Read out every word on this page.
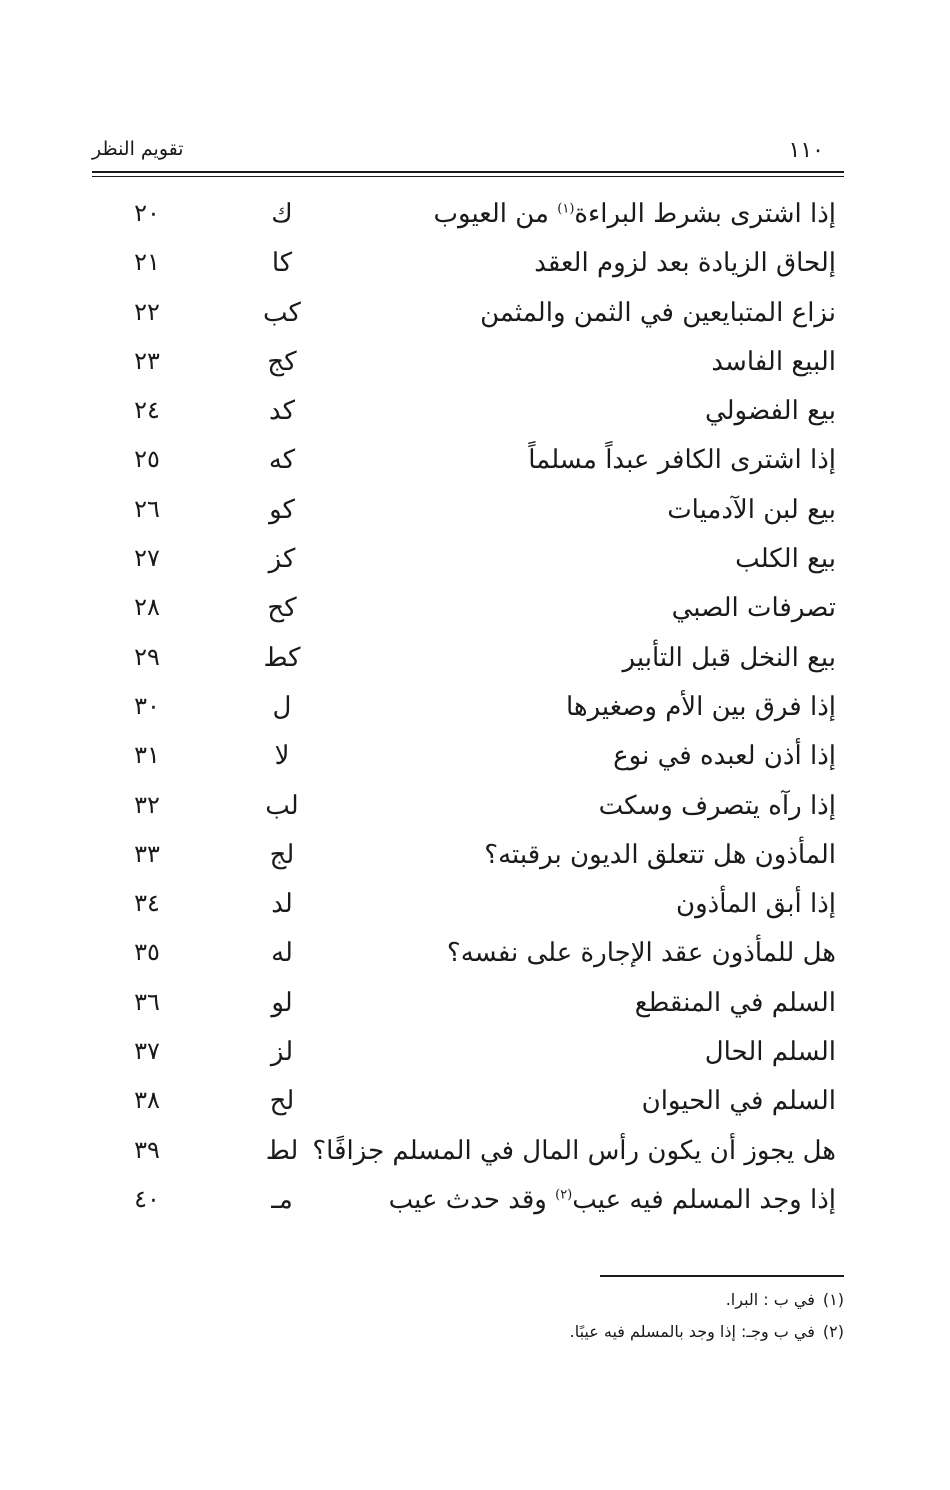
تقويم النظر	١١٠
إذا اشترى بشرط البراءة$^{(١)}$ من العيوب
ك
٢٠
إلحاق الزيادة بعد لزوم العقد
كا
٢١
نزاع المتبايعين في الثمن والمثمن
كب
٢٢
البيع الفاسد
كج
٢٣
بيع الفضولي
كد
٢٤
إذا اشترى الكافر عبداً مسلماً
كه
٢٥
بيع لبن الآدميات
كو
٢٦
بيع الكلب
كز
٢٧
تصرفات الصبي
كح
٢٨
بيع النخل قبل التأبير
كط
٢٩
إذا فرق بين الأم وصغيرها
ل
٣٠
إذا أذن لعبده في نوع
لا
٣١
إذا رآه يتصرف وسكت
لب
٣٢
المأذون هل تتعلق الديون برقبته؟
لج
٣٣
إذا أبق المأذون
لد
٣٤
هل للمأذون عقد الإجارة على نفسه؟
له
٣٥
السلم في المنقطع
لو
٣٦
السلم الحال
لز
٣٧
السلم في الحيوان
لح
٣٨
هل يجوز أن يكون رأس المال في المسلم جزافًا؟
لط
٣٩
إذا وجد المسلم فيه عيب$^{(٢)}$ وقد حدث عيب
مـ
٤٠
(١)في ب : البرا.
(٢)في ب وجـ: إذا وجد بالمسلم فيه عيبًا.
